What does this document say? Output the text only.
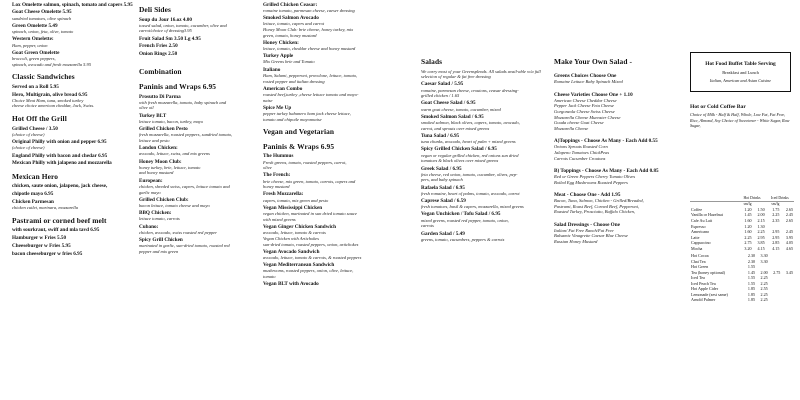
Lox Omelette salmon, spinach, tomato and capers 5.95
Goat Cheese Omelette 5.95
sundried tomatoes, olive spinach
Green Omelette 5.49
spinach, onion, feta, olive, tomato
Western Omelette:
Ham, pepper, onion
Goat Green Omelette
broccoli, green peppers,
spinach, avocado and fresh mozzarella 5.95
Classic Sandwiches
Served on a Roll 5.95
Hero, Multigrain, olive bread 6.95
Choice Meat Ham, tuna, smoked turkey
cheese choice american cheddar, Jack, Swiss.
Hot Off the Grill
Grilled Cheese / 3.50
(choice of cheese)
Original Philly with onion and pepper 6.95
(choice of cheese)
England Philly with bacon and chedar 6.95
Mexican Philly with jalapeno and mozzarella
Mexican Hero
chicken, saute onion, jalapeno, jack cheese,
chipotle mayo 6.95
Chicken Parmesan
chicken cutlet, marinara, mozzarella
Pastrami or corned beef melt
with sourkraut, swiff and mla tavd 6.95
Hamburger w Fries 5.50
Cheeseburger w Fries 5.95
bacon cheeseburger w fries 6.95
Deli Sides
Soup du Jour 16.oz 4.00
tossed salad, onion, tomato, cucumber, olive and
carrot/choice of dressing3.95
Fruit Salad Sm 3.50 Lg 4.95
French Fries 2.50
Onion Rings 2.50
Combination
Paninis and Wraps 6.95
Prosutto Di Parma
with fresh mozzarella, tomato, baby spinach and
olive oil
Turkey BLT
lettuce tomato, bacon, turkey, mayo
Grilled Chicken Pesto
fresh mozzarella, roasted peppers, sundried tomato,
lettuce and pesto
London Chicken:
avocado, lettuce, swiss, and mix greens
Honey Moon Club:
honey turkey, brie, lettuce, tomato
and honey mustard
European:
chicken, shreded swiss, capers, lettuce tomato and
garlic mayo
Grilled Chicken Club:
bacon lettuce, tomato cheese and mayo
BBQ Chicken:
lettuce tomato, carrots
Cubano:
chicken, avocado, swiss roasted red pepper
Spicy Grill Chicken
marinated in garlic, sun-dried tomato, roasted red
pepper and mix green
Grilled Chicken Ceasar:
romaine tomato, parmesan cheese, caeser dressing
Smoked Salmon Avocado
lettuce, tomato, capers and carrot
Honey Moon Club: brie cheese, honey turkey, mix
green, tomato, honey mustard
Honey Chicken:
lettuce, tomato, cheddar cheese and honey mustard
Turkey Apple
Mix Greens brie and Tomato
Italiano
Ham, Salami, pepperoni, provolone, lettuce, tomato,
rosted pepper and italian dressing
American Combo
roasted beef,turkey ,cheese lettuce tomato and mayo-
naise
Spice Me Up
pepper turkey habanero ham jack cheese lettuce,
tomato and chipotle mayonnaise
Vegan and Vegetarian
Paninis & Wraps 6.95
The Hummus
Fresh greens, tomato, roasted peppers, carrot,
olive
The French:
brie cheese, mix green, tomato, carrots, capers and
honey mustard
Fresh Mozzarella:
capers, tomato, mix green and pesto
Vegan Mississippi Chicken
vegan chicken, marinated in sun dried tomato sauce
with mixed greens
Vegan Ginger Chicken Sandwich
avocado, lettuce, tomato & carrots
Vegan Chicken with Artichokes
sun-dried tomato, roasted peppers, onion, artichokes
Vegan Avocado Sandwich
avocado, lettuce, tomato & carrots, & roasted peppers
Vegan Mediterranean Sandwich
mushrooms, roasted peppers, onion, olive, lettuce,
tomato
Vegan BLT with Avocado
Salads
We carry most of your Greensplends. All salads avail-able w/a full selection of regular & fat free dressing
Caesar Salad / 5.95
romaine, parmesan cheese, croutons, ceasar dressing-
grilled chicken / 1.65
Goat Cheese Salad / 6.95
warm goat cheese, tomato, cucumber, mixed
Smoked Salmon Salad / 6.95
smoked salmon, black olives, capers, tomato, avocado,
carrot, and sprouts over mixed greens
Tuna Salad / 6.95
tuna chunks, avocado, heart of palm + mixed greens
Spicy Grilled Chicken Salad / 6.95
vegan or regular grilled chicken, red onions sun dried
tomatoes & black olives over mixed greens
Greek Salad / 6.95
feta cheese, red onion, tomato, cucumber, olives, pep-
pers, and baby spinach
Rafaela Salad / 6.95
fresh romaine, heart of palms, tomato, avocado, carrot
Caprese Salad / 6.59
fresh tomatoes, basil & capers, mozzarella, mixed greens
Vegan Unchicken / Tofu Salad / 6.95
mixed greens, roasted red pepper, tomato, onion,
carrots
Garden Salad / 5.49
greens, tomato, cucumbers, peppers & carrots
Make Your Own Salad -
Greens Choices Choose One
Romaine Lettuce Baby Spinach Mixed
Cheese Varieties Choose One + 1.10
American Cheese Cheddar Cheese
Pepper Jack Cheese Feta Cheese
Gorgonzola Cheese Swiss Cheese
Mozzarella Cheese Muenster Cheese
Gouda cheese Goat Cheese
Mozzarella Cheese
A)Toppings - Choose As Many - Each Add 0.55
Onions Sprouts Roasted Corn
Jalapeno Tomatoes ChickPeas
Carrots Cucumber Croutons
B) Toppings - Choose As Many - Each Add 0.85
Red or Green Peppers Cherry Tomato Olives
Boiled Egg Mushrooms Roasted Peppers
Meat - Choose One - Add 1.95
Bacon, Tuna, Salmon, Chicken - Grilled/Breaded,
Pastrami, Roast Beef, Corned Beef, Pepperoni,
Roasted Turkey, Prosciutto, Buffalo Chicken,
Salad Dressings - Choose One
Italian/ Fat Free Ranch/Fat Free
Balsamic Vinagrette Caesar Blue Cheese
Russian Honey Mustard
Hot Food Buffet Table Serving
Breakfast and Lunch
Italian, American and Asian Cuisine
Hot or Cold Coffee Bar
Choice of Milk - Half & Half, Whole, Low Fat, Fat Free, Rice, Almond, Soy Choice of Sweetener - White Sugar, Raw Sugar,
	Hot Drinks		Iced Drinks	
	sm/lg		sm/lg	
Coffee	1.20	1.50	1.75	2.65
Vanilla or Hazelnut	1.45	2.00	2.25	2.45
Cafe Au Lait	1.60	2.15	2.35	2.65
Espresso	1.20	1.30		
Americano	1.60	2.25	2.95	2.45
Latte	2.25	2.95	2.95	3.95
Cappuccino	2.75	3.85	2.85	4.05
Mocha	3.20	4.15	4.15	4.65
Hot Cocoa	2.30	3.30		
Chai Tea	2.30	3.30		
Hot Green	1.55			
Tea (honey optional)	1.45	2.00	2.75	3.45
Iced Tea	1.55	2.25		
Iced Peach Tea	1.55	2.25		
Hot Apple Cider	1.85	2.55		
Lemonade (zest same)	1.85	2.25		
Arnold Palmer	1.85	2.25		
